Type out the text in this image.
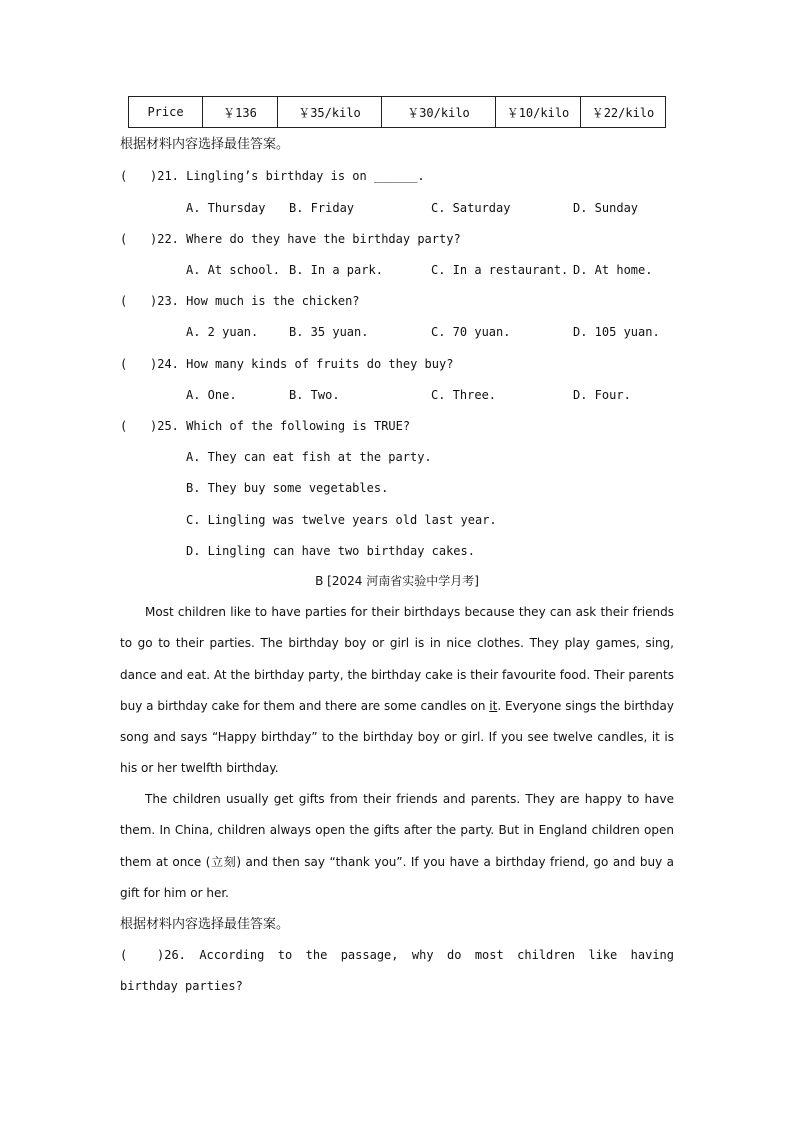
Price	￥136	￥35/kilo	￥30/kilo	￥10/kilo	￥22/kilo
根据材料内容选择最佳答案。
( )21. Lingling’s birthday is on ______.
A. Thursday B. Friday	C. Saturday	D. Sunday
( )22. Where do they have the birthday party?
A. At school. B. In a park.	C. In a restaurant. D. At home.
( )23. How much is the chicken?
A. 2 yuan.	B. 35 yuan.	C. 70 yuan.	D. 105 yuan.
( )24. How many kinds of fruits do they buy?
A. One.	B. Two.	C. Three.	D. Four.
( )25. Which of the following is TRUE?
A. They can eat fish at the party.
B. They buy some vegetables.
C. Lingling was twelve years old last year.
D. Lingling can have two birthday cakes.
B [2024 河南省实验中学月考]
Most children like to have parties for their birthdays because they can ask their friends to go to their parties. The birthday boy or girl is in nice clothes. They play games, sing, dance and eat. At the birthday party, the birthday cake is their favourite food. Their parents buy a birthday cake for them and there are some candles on it. Everyone sings the birthday song and says “Happy birthday” to the birthday boy or girl. If you see twelve candles, it is his or her twelfth birthday.
The children usually get gifts from their friends and parents. They are happy to have them. In China, children always open the gifts after the party. But in England children open them at once (立刻) and then say “thank you”. If you have a birthday friend, go and buy a gift for him or her.
根据材料内容选择最佳答案。
( )26. According to the passage, why do most children like having birthday parties?
